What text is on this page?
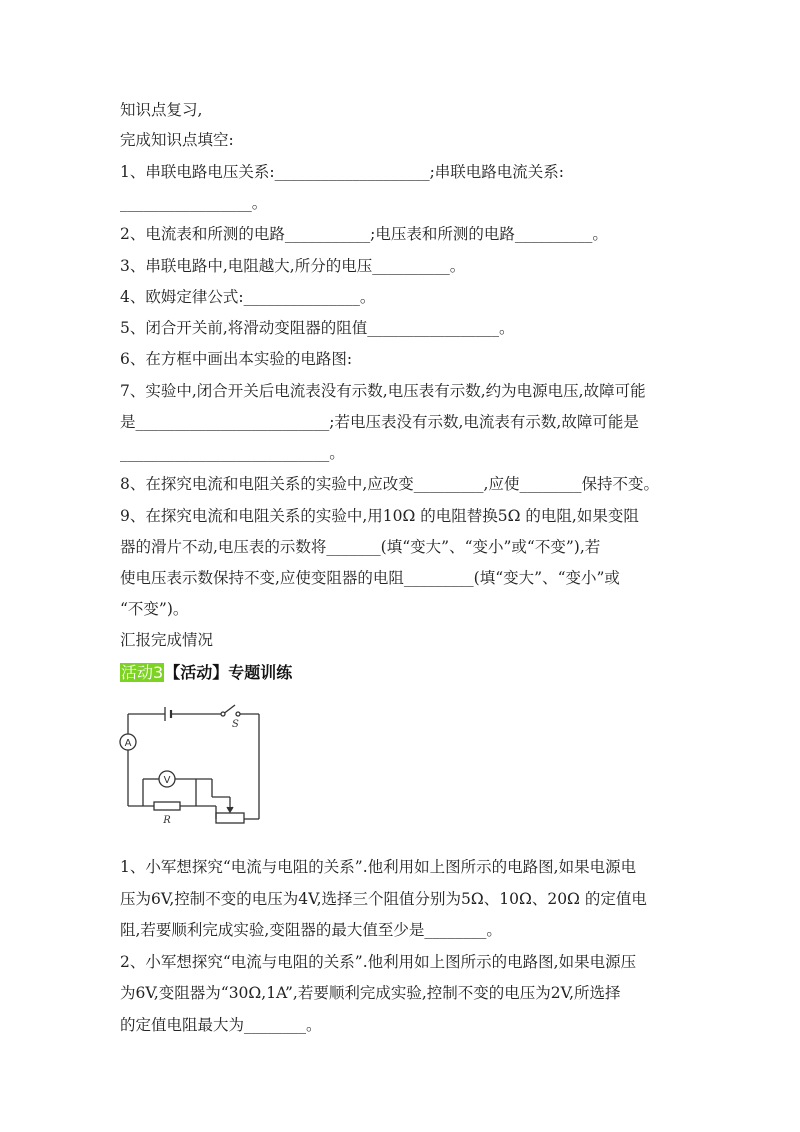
知识点复习,
完成知识点填空:
1、串联电路电压关系:____________________;串联电路电流关系:
_________________。
2、电流表和所测的电路___________;电压表和所测的电路__________。
3、串联电路中,电阻越大,所分的电压__________。
4、欧姆定律公式:_______________。
5、闭合开关前,将滑动变阻器的阻值_________________。
6、在方框中画出本实验的电路图:
7、实验中,闭合开关后电流表没有示数,电压表有示数,约为电源电压,故障可能
是_________________________;若电压表没有示数,电流表有示数,故障可能是
___________________________。
8、在探究电流和电阻关系的实验中,应改变_________,应使________保持不变。
9、在探究电流和电阻关系的实验中,用10Ω 的电阻替换5Ω 的电阻,如果变阻
器的滑片不动,电压表的示数将_______(填“变大”、“变小”或“不变”),若
使电压表示数保持不变,应使变阻器的电阻_________(填“变大”、“变小”或
“不变”)。
汇报完成情况
活动3【活动】专题训练
A
V
S
R
1、小军想探究“电流与电阻的关系”.他利用如上图所示的电路图,如果电源电
压为6V,控制不变的电压为4V,选择三个阻值分别为5Ω、10Ω、20Ω 的定值电
阻,若要顺利完成实验,变阻器的最大值至少是________。
2、小军想探究“电流与电阻的关系”.他利用如上图所示的电路图,如果电源压
为6V,变阻器为“30Ω,1A”,若要顺利完成实验,控制不变的电压为2V,所选择
的定值电阻最大为________。
